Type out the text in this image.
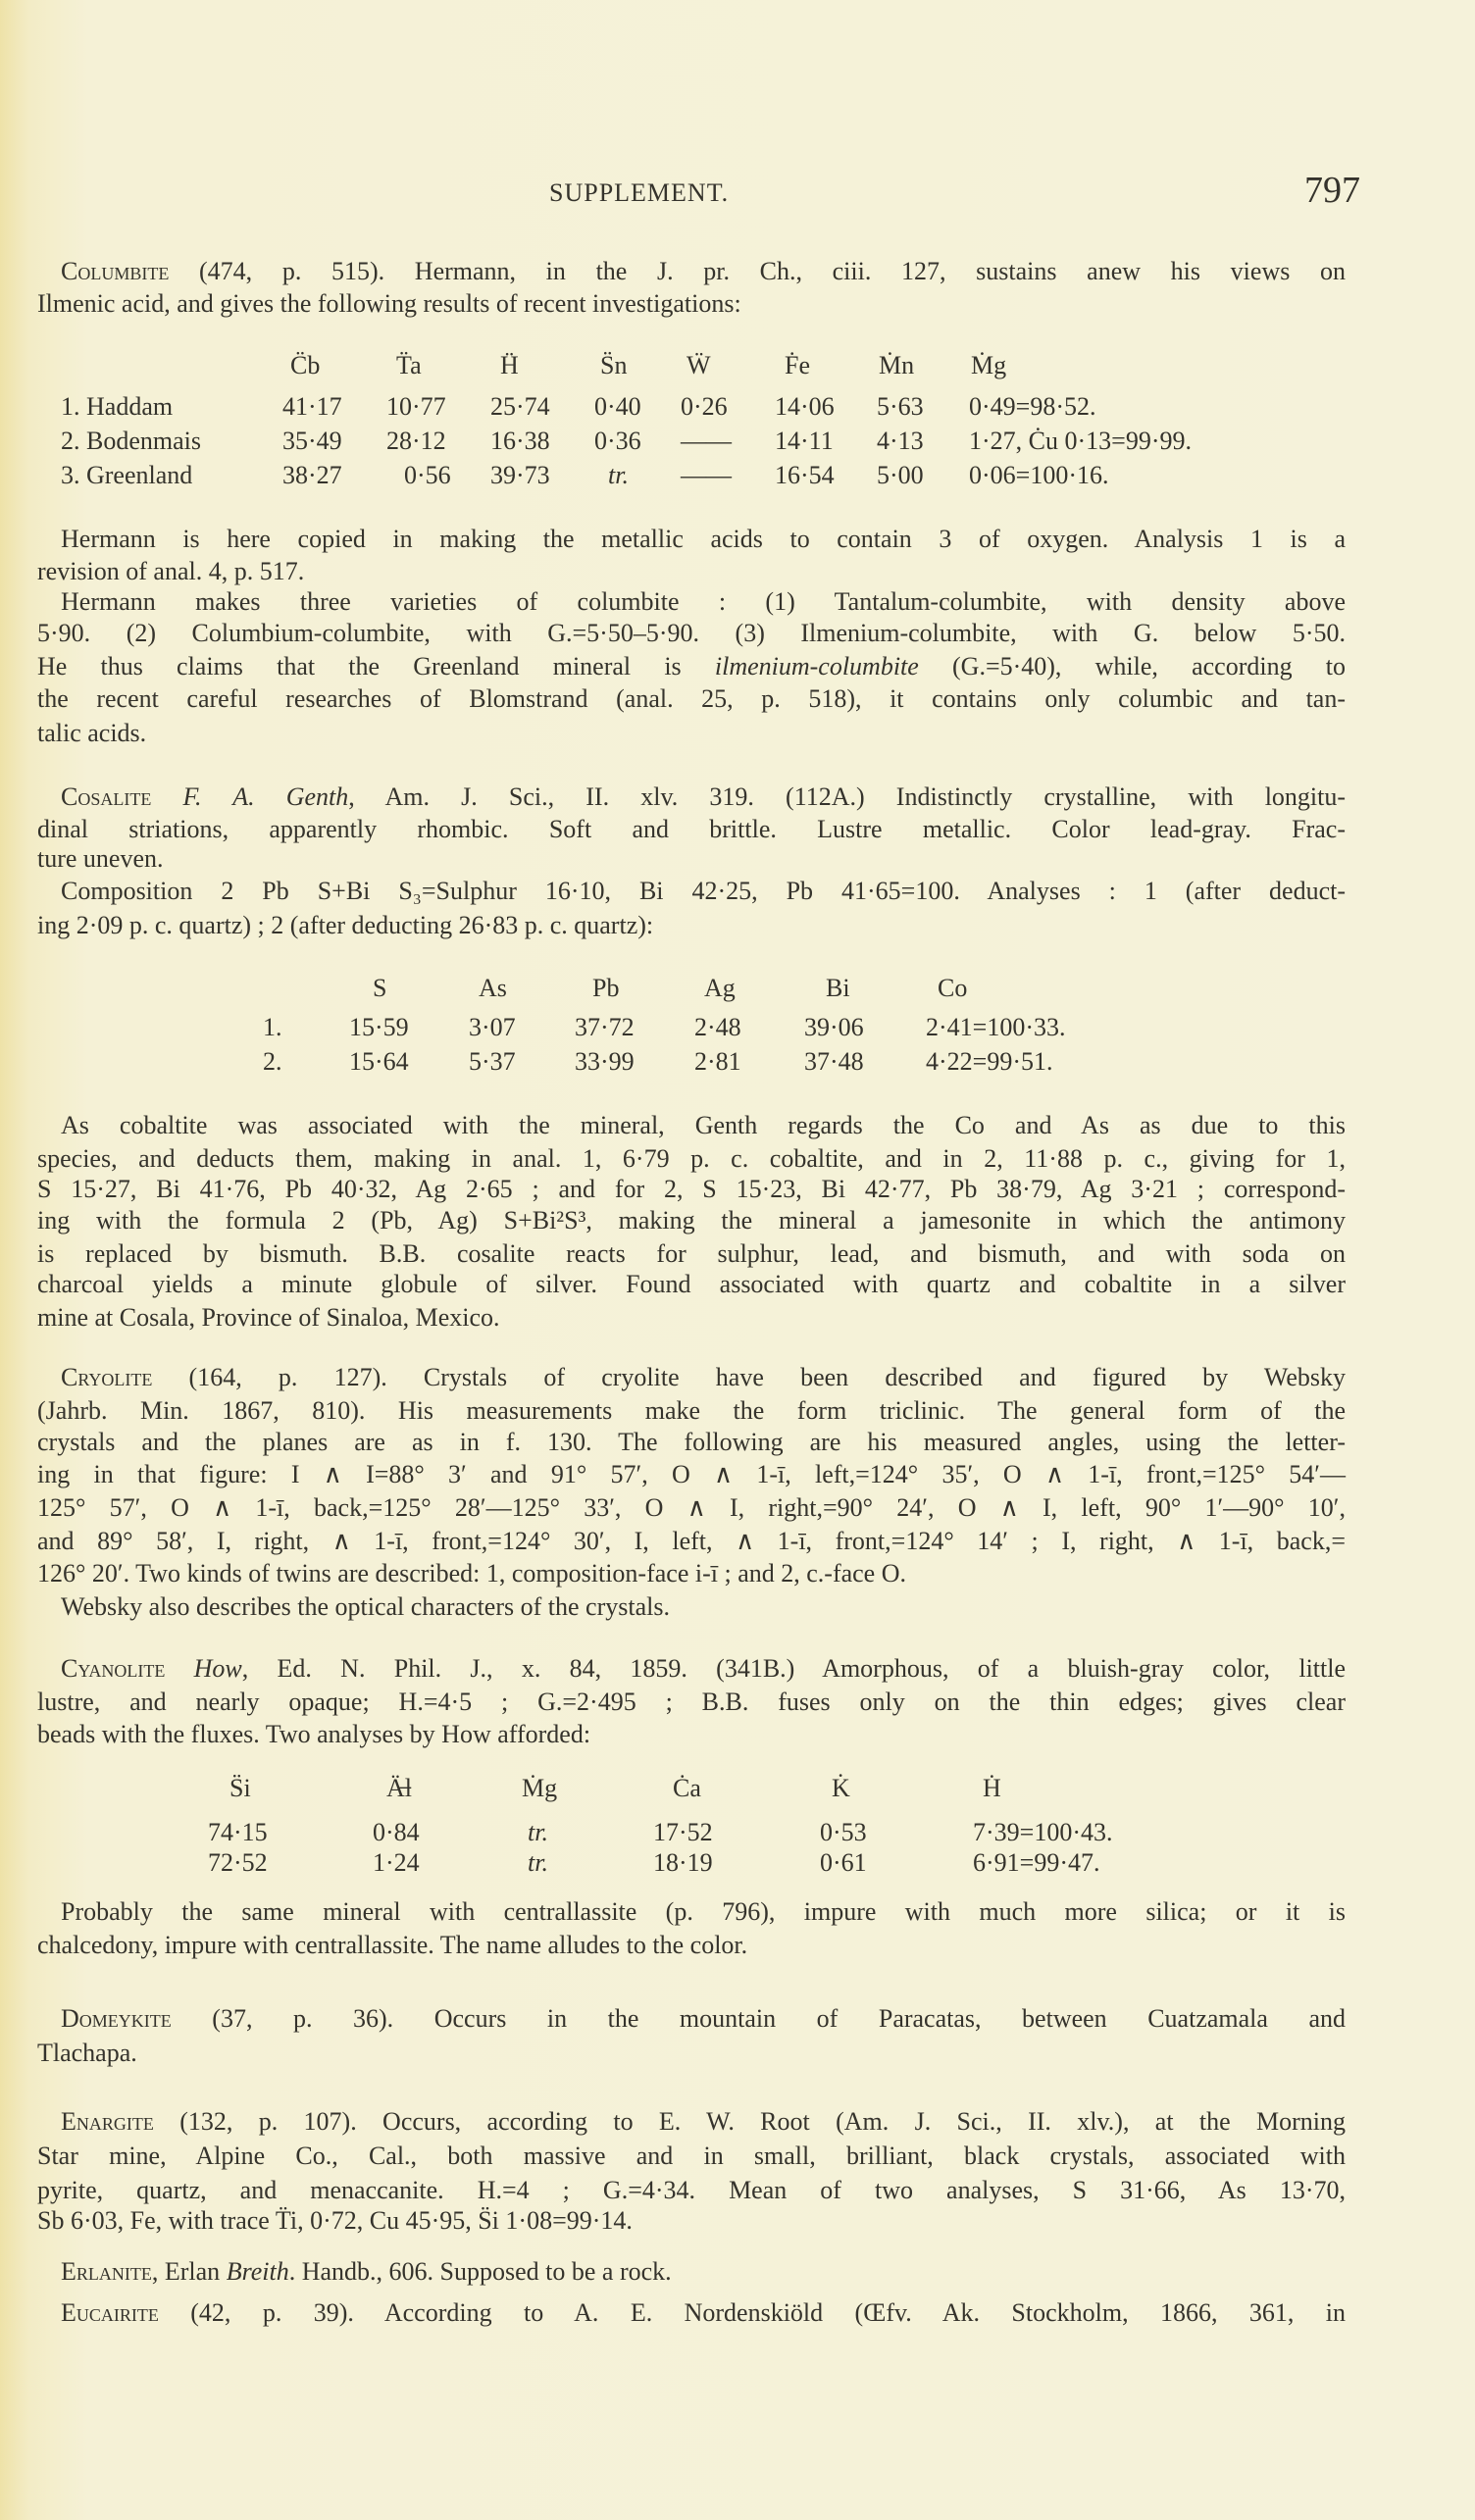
SUPPLEMENT.	797
Columbite (474, p. 515). Hermann, in the J. pr. Ch., ciii. 127, sustains anew his views on
Ilmenic acid, and gives the following results of recent investigations:
C̈b	T̈a	Ḧ	S̈n Ẅ	Ḟe	Ṁn Ṁg
1. Haddam	41·17 10·77 25·74 0·40 0·26 14·06 5·63 0·49=98·52.
2. Bodenmais	35·49 28·12 16·38 0·36 —— 14·11 4·13 1·27, Ċu 0·13=99·99.
3. Greenland	38·27 0·56 39·73 tr. —— 16·54 5·00 0·06=100·16.
Hermann is here copied in making the metallic acids to contain 3 of oxygen. Analysis 1 is a
revision of anal. 4, p. 517.
Hermann makes three varieties of columbite : (1) Tantalum-columbite, with density above
5·90. (2) Columbium-columbite, with G.=5·50–5·90. (3) Ilmenium-columbite, with G. below 5·50.
He thus claims that the Greenland mineral is ilmenium-columbite (G.=5·40), while, according to
the recent careful researches of Blomstrand (anal. 25, p. 518), it contains only columbic and tan-
talic acids.
Cosalite F. A. Genth, Am. J. Sci., II. xlv. 319. (112A.) Indistinctly crystalline, with longitu-
dinal striations, apparently rhombic. Soft and brittle. Lustre metallic. Color lead-gray. Frac-
ture uneven.
Composition 2 Pb S+Bi S₃=Sulphur 16·10, Bi 42·25, Pb 41·65=100. Analyses : 1 (after deduct-
ing 2·09 p. c. quartz) ; 2 (after deducting 26·83 p. c. quartz):
S	As	Pb	Ag	Bi	Co
1.	15·59 3·07 37·72 2·48 39·06 2·41=100·33.
2.	15·64 5·37 33·99 2·81 37·48 4·22=99·51.
As cobaltite was associated with the mineral, Genth regards the Co and As as due to this
species, and deducts them, making in anal. 1, 6·79 p. c. cobaltite, and in 2, 11·88 p. c., giving for 1,
S 15·27, Bi 41·76, Pb 40·32, Ag 2·65 ; and for 2, S 15·23, Bi 42·77, Pb 38·79, Ag 3·21 ; correspond-
ing with the formula 2 (Pb, Ag) S+Bi²S³, making the mineral a jamesonite in which the antimony
is replaced by bismuth. B.B. cosalite reacts for sulphur, lead, and bismuth, and with soda on
charcoal yields a minute globule of silver. Found associated with quartz and cobaltite in a silver
mine at Cosala, Province of Sinaloa, Mexico.
Cryolite (164, p. 127). Crystals of cryolite have been described and figured by Websky
(Jahrb. Min. 1867, 810). His measurements make the form triclinic. The general form of the
crystals and the planes are as in f. 130. The following are his measured angles, using the letter-
ing in that figure: I ∧ I=88° 3′ and 91° 57′, O ∧ 1-ī, left,=124° 35′, O ∧ 1-ī, front,=125° 54′—
125° 57′, O ∧ 1-ī, back,=125° 28′—125° 33′, O ∧ I, right,=90° 24′, O ∧ I, left, 90° 1′—90° 10′,
and 89° 58′, I, right, ∧ 1-ī, front,=124° 30′, I, left, ∧ 1-ī, front,=124° 14′ ; I, right, ∧ 1-ī, back,=
126° 20′. Two kinds of twins are described: 1, composition-face i-ī ; and 2, c.-face O.
Websky also describes the optical characters of the crystals.
Cyanolite How, Ed. N. Phil. J., x. 84, 1859. (341B.) Amorphous, of a bluish-gray color, little
lustre, and nearly opaque; H.=4·5 ; G.=2·495 ; B.B. fuses only on the thin edges; gives clear
beads with the fluxes. Two analyses by How afforded:
S̈i	Ä̶l	Ṁg	Ċa	K̇	Ḣ
74·15	0·84	tr.	17·52	0·53	7·39=100·43.
72·52	1·24	tr.	18·19	0·61	6·91=99·47.
Probably the same mineral with centrallassite (p. 796), impure with much more silica; or it is
chalcedony, impure with centrallassite. The name alludes to the color.
Domeykite (37, p. 36). Occurs in the mountain of Paracatas, between Cuatzamala and
Tlachapa.
Enargite (132, p. 107). Occurs, according to E. W. Root (Am. J. Sci., II. xlv.), at the Morning
Star mine, Alpine Co., Cal., both massive and in small, brilliant, black crystals, associated with
pyrite, quartz, and menaccanite. H.=4 ; G.=4·34. Mean of two analyses, S 31·66, As 13·70,
Sb 6·03, Fe, with trace T̈i, 0·72, Cu 45·95, S̈i 1·08=99·14.
Erlanite, Erlan Breith. Handb., 606. Supposed to be a rock.
Eucairite (42, p. 39). According to A. E. Nordenskiöld (Œfv. Ak. Stockholm, 1866, 361, in
